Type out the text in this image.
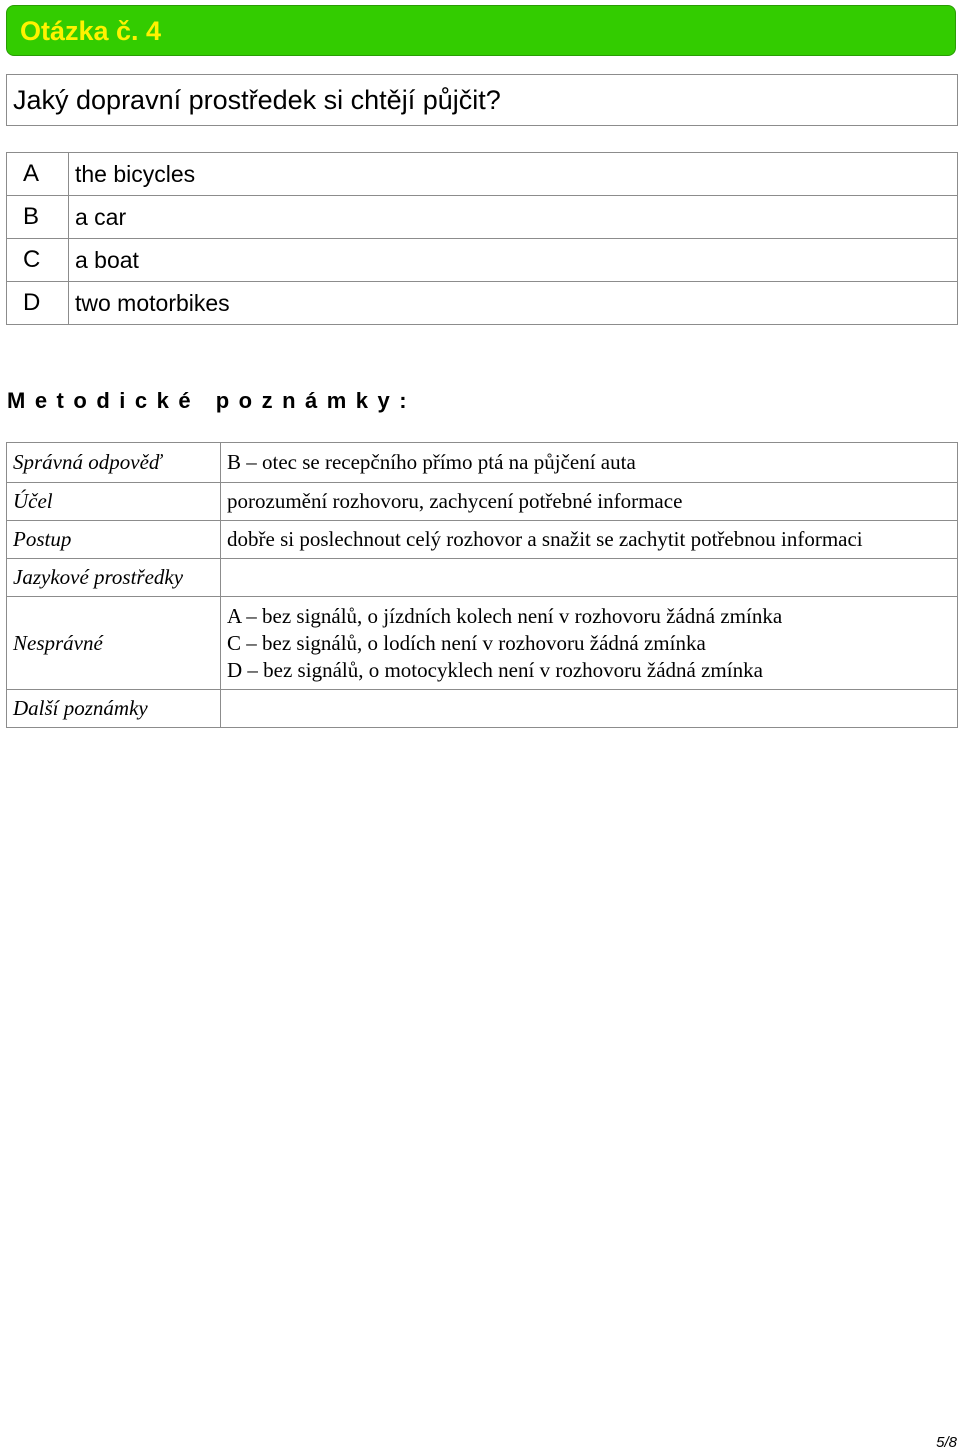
Otázka č. 4
Jaký dopravní prostředek si chtějí půjčit?
A	the bicycles
B	a car
C	a boat
D	two motorbikes
Metodické poznámky:
Správná odpověď	B – otec se recepčního přímo ptá na půjčení auta

Účel	porozumění rozhovoru, zachycení potřebné informace

Postup	dobře si poslechnout celý rozhovor a snažit se zachytit potřebnou informaci

Jazykové prostředky	
Nesprávné	A – bez signálů, o jízdních kolech není v rozhovoru žádná zmínka
C – bez signálů, o lodích není v rozhovoru žádná zmínka
D – bez signálů, o motocyklech není v rozhovoru žádná zmínka

Další poznámky	
5/8
